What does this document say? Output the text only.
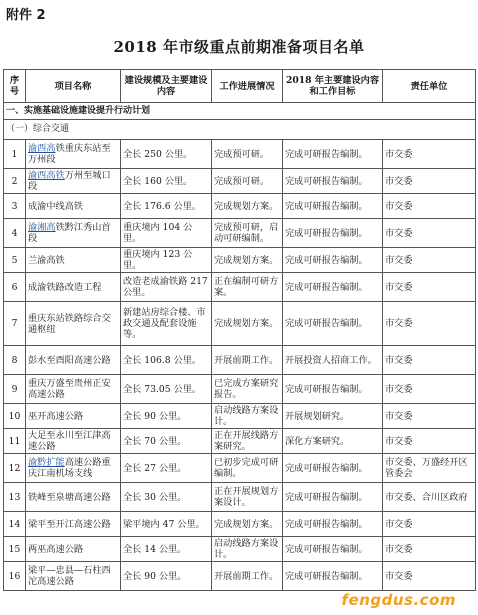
附件 2
2018 年市级重点前期准备项目名单
序号	项目名称	建设规模及主要建设内容	工作进展情况	2018 年主要建设内容和工作目标	责任单位
一、实施基础设施建设提升行动计划					
（一）综合交通					
1	渝西高铁重庆东站至万州段	全长 250 公里。	完成预可研。	完成可研报告编制。	市交委
2	渝西高铁万州至城口段	全长 160 公里。	完成预可研。	完成可研报告编制。	市交委
3	成渝中线高铁	全长 176.6 公里。	完成规划方案。	完成可研报告编制。	市交委
4	渝湘高铁黔江秀山首段	重庆境内 104 公里。	完成预可研，启动可研编制。	完成可研报告编制。	市交委
5	兰渝高铁	重庆境内 123 公里。	完成规划方案。	完成可研报告编制。	市交委
6	成渝铁路改造工程	改造老成渝铁路 217 公里。	正在编制可研方案。	完成可研报告编制。	市交委
7	重庆东站铁路综合交通枢纽	新建站房综合楼、市政交通及配套设施等。	完成规划方案。	完成可研报告编制。	市交委
8	彭水至酉阳高速公路	全长 106.8 公里。	开展前期工作。	开展投资人招商工作。	市交委
9	重庆万盛至贵州正安高速公路	全长 73.05 公里。	已完成方案研究报告。	完成可研报告编制。	市交委
10	巫开高速公路	全长 90 公里。	启动线路方案设计。	开展规划研究。	市交委
11	大足至永川至江津高速公路	全长 70 公里。	正在开展线路方案研究。	深化方案研究。	市交委
12	渝黔扩能高速公路重庆江南机场支线	全长 27 公里。	已初步完成可研编制。	完成可研报告编制。	市交委、万盛经开区管委会
13	铁峰至泉塘高速公路	全长 30 公里。	正在开展规划方案设计。	完成可研报告编制。	市交委、合川区政府
14	梁平至开江高速公路	梁平境内 47 公里。	完成规划方案。	完成可研报告编制。	市交委
15	两巫高速公路	全长 14 公里。	启动线路方案设计。	完成可研报告编制。	市交委
16	梁平—忠县—石柱西沱高速公路	全长 90 公里。	开展前期工作。	完成可研报告编制。	市交委
fengdus.com
